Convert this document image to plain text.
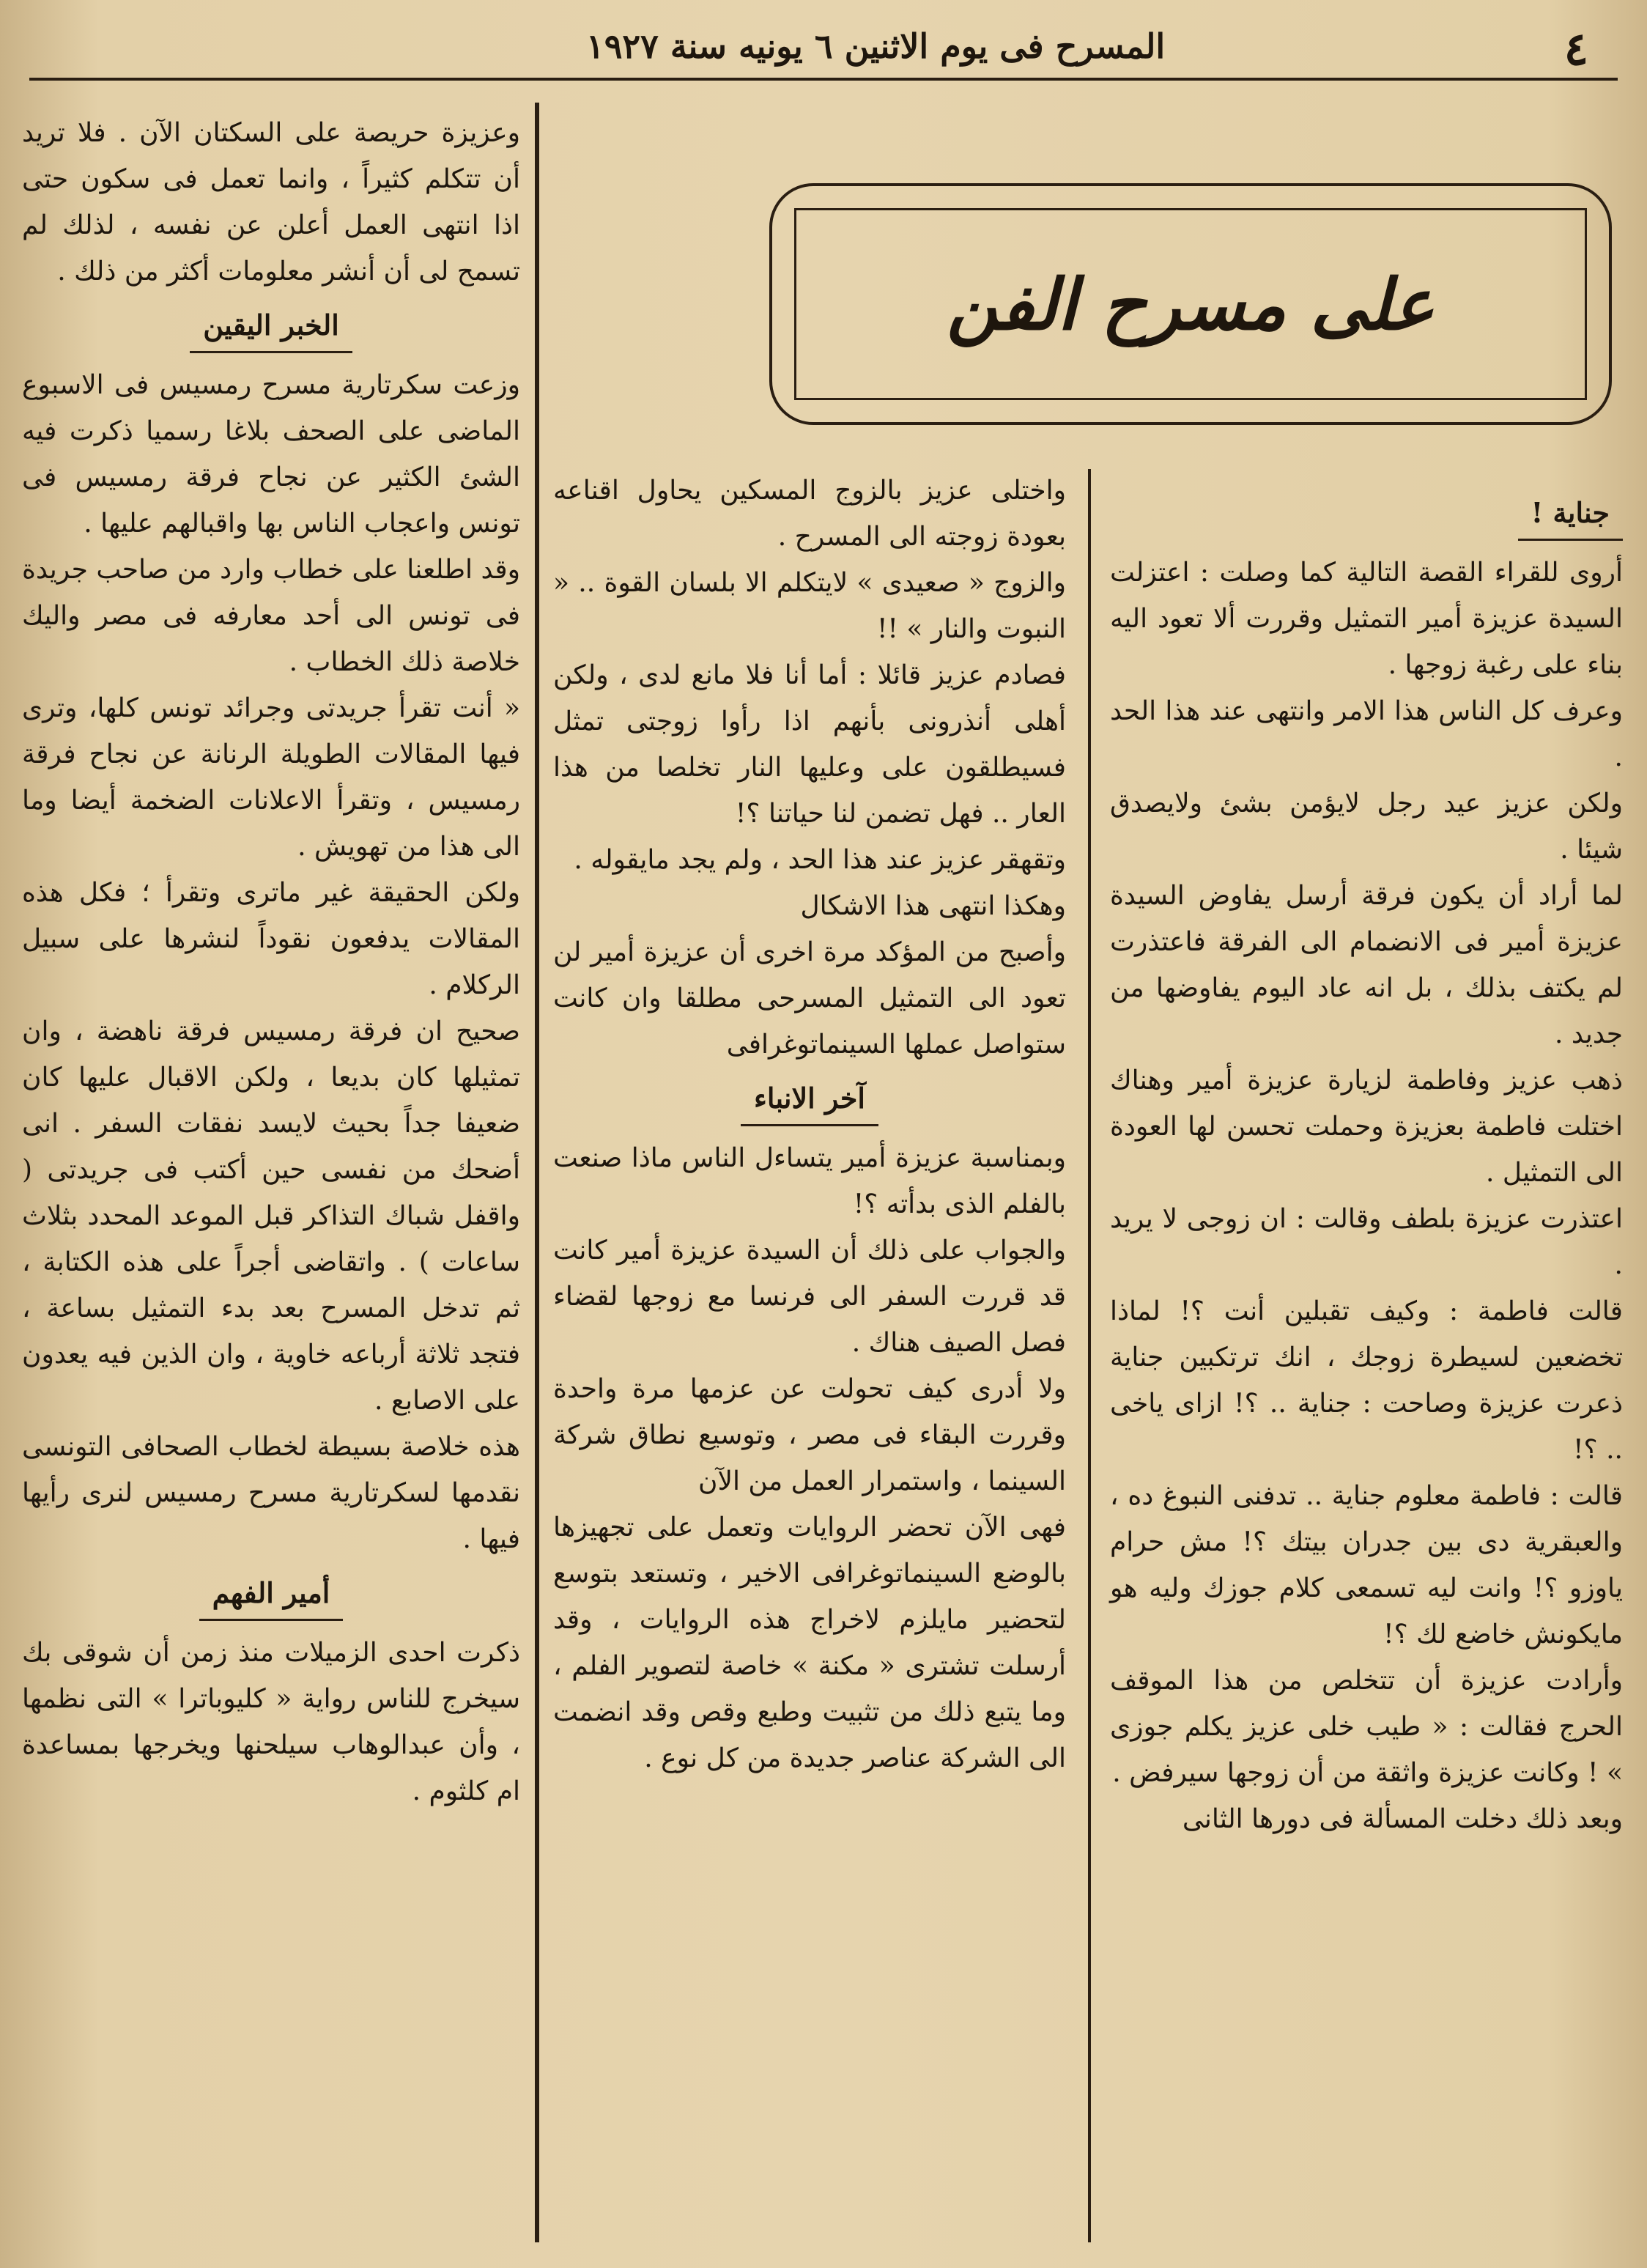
٤
المسرح فى يوم الاثنين ٦ يونيه سنة ١٩٢٧
على مسرح الفن
جناية !

أروى للقراء القصة التالية كما وصلت : اعتزلت السيدة عزيزة أمير التمثيل وقررت ألا تعود اليه بناء على رغبة زوجها .

وعرف كل الناس هذا الامر وانتهى عند هذا الحد .

ولكن عزيز عيد رجل لايؤمن بشئ ولايصدق شيئا .

لما أراد أن يكون فرقة أرسل يفاوض السيدة عزيزة أمير فى الانضمام الى الفرقة فاعتذرت لم يكتف بذلك ، بل انه عاد اليوم يفاوضها من جديد .

ذهب عزيز وفاطمة لزيارة عزيزة أمير وهناك اختلت فاطمة بعزيزة وحملت تحسن لها العودة الى التمثيل .

اعتذرت عزيزة بلطف وقالت : ان زوجى لا يريد .

قالت فاطمة : وكيف تقبلين أنت ؟! لماذا تخضعين لسيطرة زوجك ، انك ترتكبين جناية ذعرت عزيزة وصاحت : جناية .. ؟! ازاى ياخى .. ؟!

قالت : فاطمة معلوم جناية .. تدفنى النبوغ ده ، والعبقرية دى بين جدران بيتك ؟! مش حرام ياوزو ؟! وانت ليه تسمعى كلام جوزك وليه هو مايكونش خاضع لك ؟!

وأرادت عزيزة أن تتخلص من هذا الموقف الحرج فقالت : « طيب خلى عزيز يكلم جوزى » ! وكانت عزيزة واثقة من أن زوجها سيرفض .

وبعد ذلك دخلت المسألة فى دورها الثانى

واختلى عزيز بالزوج المسكين يحاول اقناعه بعودة زوجته الى المسرح .

والزوج « صعيدى » لايتكلم الا بلسان القوة .. « النبوت والنار » !!

فصادم عزيز قائلا : أما أنا فلا مانع لدى ، ولكن أهلى أنذرونى بأنهم اذا رأوا زوجتى تمثل فسيطلقون على وعليها النار تخلصا من هذا العار .. فهل تضمن لنا حياتنا ؟!

وتقهقر عزيز عند هذا الحد ، ولم يجد مايقوله .

وهكذا انتهى هذا الاشكال

وأصبح من المؤكد مرة اخرى أن عزيزة أمير لن تعود الى التمثيل المسرحى مطلقا وان كانت ستواصل عملها السينماتوغرافى

آخر الانباء

وبمناسبة عزيزة أمير يتساءل الناس ماذا صنعت بالفلم الذى بدأته ؟!

والجواب على ذلك أن السيدة عزيزة أمير كانت قد قررت السفر الى فرنسا مع زوجها لقضاء فصل الصيف هناك .

ولا أدرى كيف تحولت عن عزمها مرة واحدة وقررت البقاء فى مصر ، وتوسيع نطاق شركة السينما ، واستمرار العمل من الآن

فهى الآن تحضر الروايات وتعمل على تجهيزها بالوضع السينماتوغرافى الاخير ، وتستعد بتوسع لتحضير مايلزم لاخراج هذه الروايات ، وقد أرسلت تشترى « مكنة » خاصة لتصوير الفلم ، وما يتبع ذلك من تثبيت وطبع وقص وقد انضمت الى الشركة عناصر جديدة من كل نوع .

وعزيزة حريصة على السكتان الآن . فلا تريد أن تتكلم كثيراً ، وانما تعمل فى سكون حتى اذا انتهى العمل أعلن عن نفسه ، لذلك لم تسمح لى أن أنشر معلومات أكثر من ذلك .

الخبر اليقين

وزعت سكرتارية مسرح رمسيس فى الاسبوع الماضى على الصحف بلاغا رسميا ذكرت فيه الشئ الكثير عن نجاح فرقة رمسيس فى تونس واعجاب الناس بها واقبالهم عليها .

وقد اطلعنا على خطاب وارد من صاحب جريدة فى تونس الى أحد معارفه فى مصر واليك خلاصة ذلك الخطاب .

« أنت تقرأ جريدتى وجرائد تونس كلها، وترى فيها المقالات الطويلة الرنانة عن نجاح فرقة رمسيس ، وتقرأ الاعلانات الضخمة أيضا وما الى هذا من تهويش .

ولكن الحقيقة غير ماترى وتقرأ ؛ فكل هذه المقالات يدفعون نقوداً لنشرها على سبيل الركلام .

صحيح ان فرقة رمسيس فرقة ناهضة ، وان تمثيلها كان بديعا ، ولكن الاقبال عليها كان ضعيفا جداً بحيث لايسد نفقات السفر . انى أضحك من نفسى حين أكتب فى جريدتى ( واقفل شباك التذاكر قبل الموعد المحدد بثلاث ساعات ) . واتقاضى أجراً على هذه الكتابة ، ثم تدخل المسرح بعد بدء التمثيل بساعة ، فتجد ثلاثة أرباعه خاوية ، وان الذين فيه يعدون على الاصابع .

هذه خلاصة بسيطة لخطاب الصحافى التونسى نقدمها لسكرتارية مسرح رمسيس لنرى رأيها فيها .

أمير الفهم

ذكرت احدى الزميلات منذ زمن أن شوقى بك سيخرج للناس رواية « كليوباترا » التى نظمها ، وأن عبدالوهاب سيلحنها ويخرجها بمساعدة ام كلثوم .
